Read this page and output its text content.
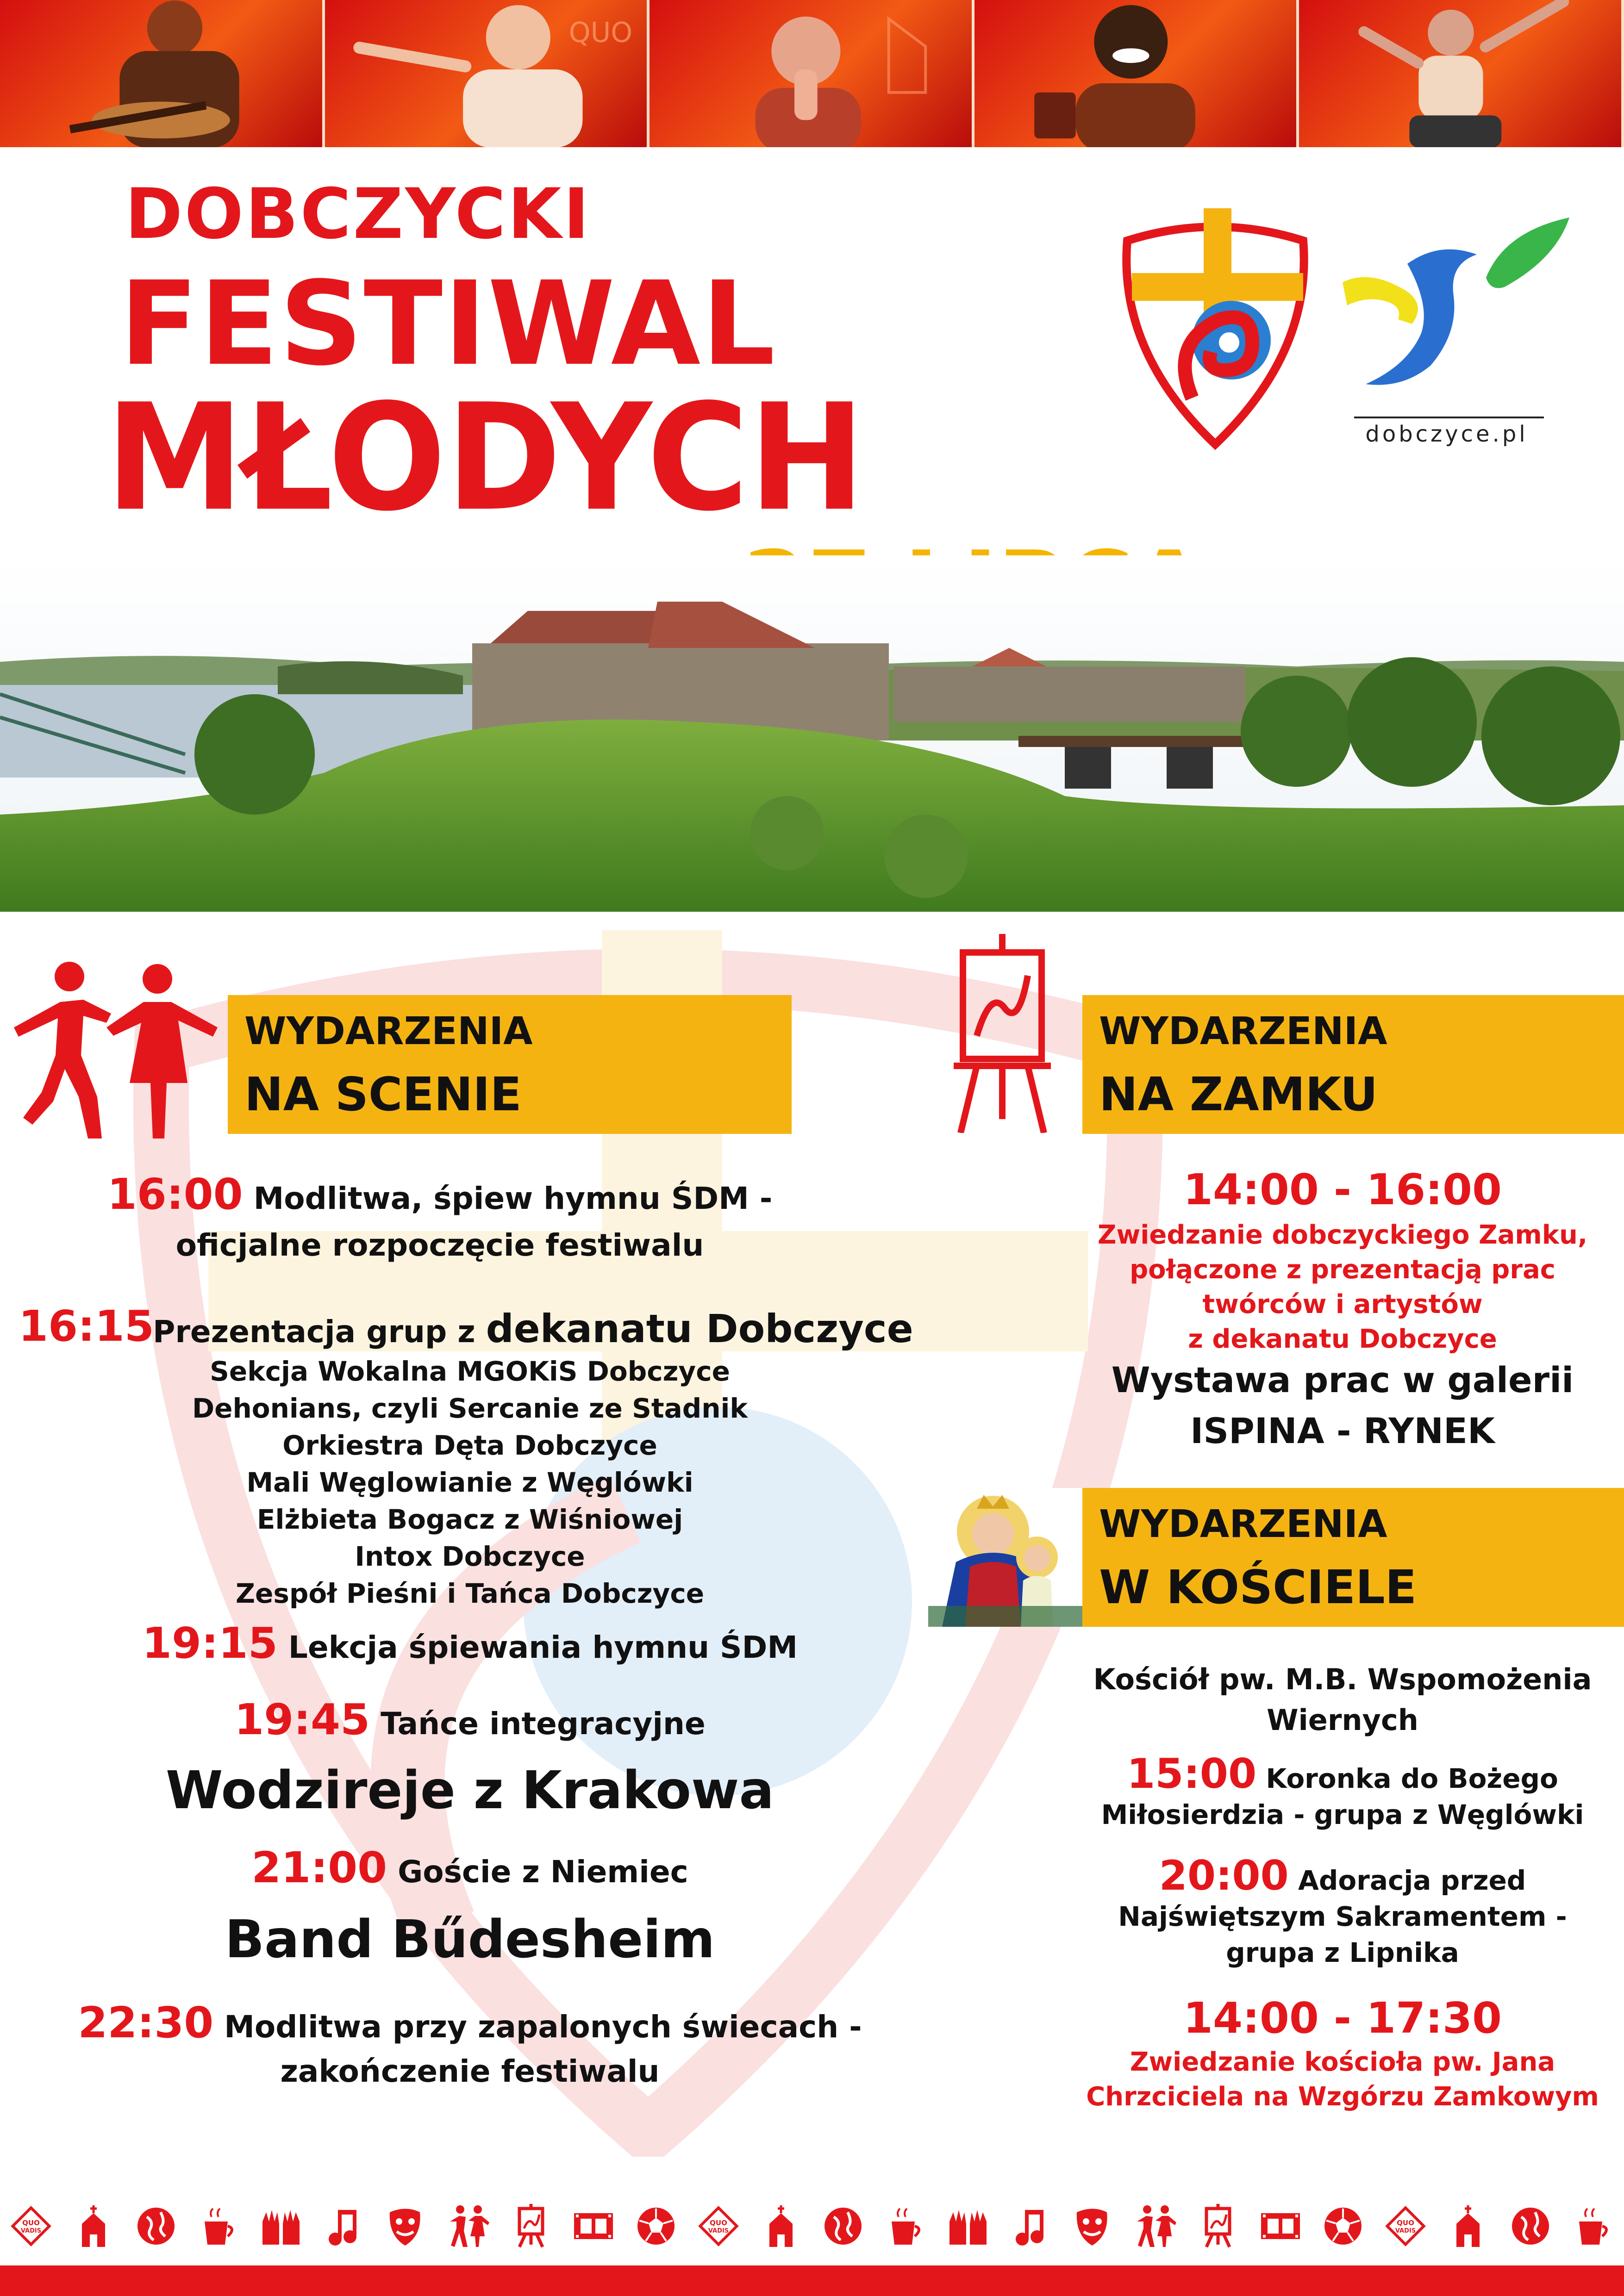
QUO
DOBCZYCKI
FESTIWAL
MŁODYCH	dobczyce.pl
WYDARZENIA
NA SCENIE
16:00 Modlitwa, śpiew hymnu ŚDM -
oficjalne rozpoczęcie festiwalu
16:15
Prezentacja grup z dekanatu Dobczyce
Sekcja Wokalna MGOKiS Dobczyce
Dehonians, czyli Sercanie ze Stadnik
Orkiestra Dęta Dobczyce
Mali Węglowianie z Węglówki
Elżbieta Bogacz z Wiśniowej
Intox Dobczyce
Zespół Pieśni i Tańca Dobczyce
19:15 Lekcja śpiewania hymnu ŚDM
19:45 Tańce integracyjne
Wodzireje z Krakowa
21:00 Goście z Niemiec
Band Bűdesheim
22:30 Modlitwa przy zapalonych świecach -
zakończenie festiwalu
WYDARZENIA
NA ZAMKU
14:00 - 16:00
Zwiedzanie dobczyckiego Zamku,
połączone z prezentacją prac
twórców i artystów
z dekanatu Dobczyce
Wystawa prac w galerii
ISPINA - RYNEK
WYDARZENIA
W KOŚCIELE
Kościół pw. M.B. Wspomożenia
Wiernych
15:00 Koronka do Bożego
Miłosierdzia - grupa z Węglówki
20:00 Adoracja przed
Najświętszym Sakramentem -
grupa z Lipnika
14:00 - 17:30
Zwiedzanie kościoła pw. Jana
Chrzciciela na Wzgórzu Zamkowym
QUO
VADIS
QUO
VADIS
QUO
VADIS
